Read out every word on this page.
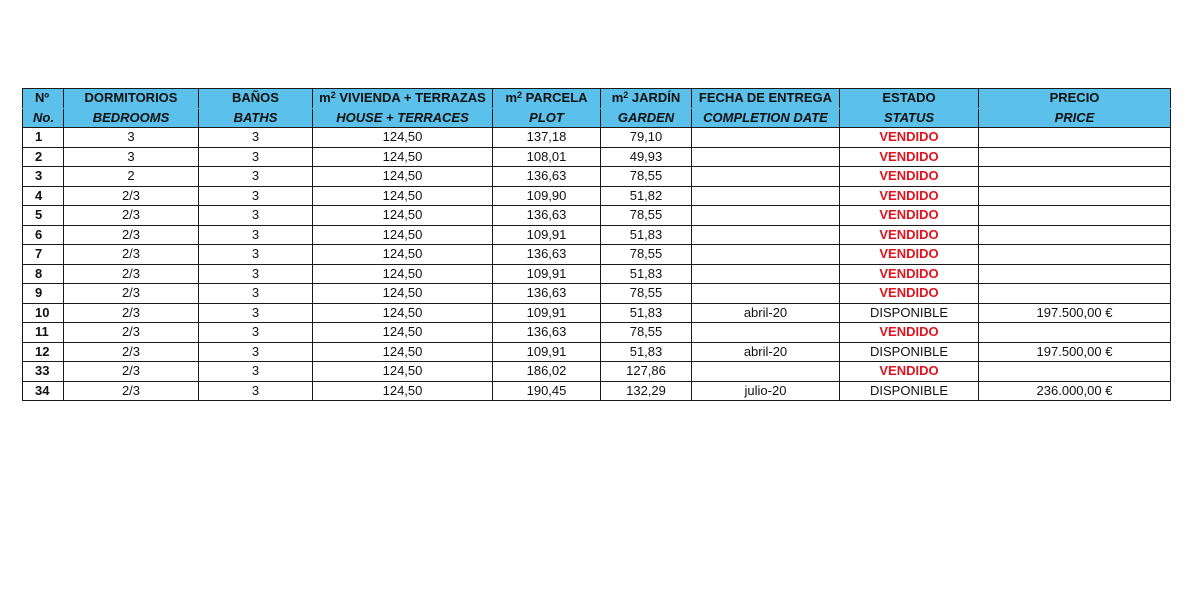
Nº	DORMITORIOS	BAÑOS	$m^2$ VIVIENDA + TERRAZAS	$m^2$ PARCELA	$m^2$ JARDÍN	FECHA DE ENTREGA	ESTADO	PRECIO
No.	BEDROOMS	BATHS	HOUSE + TERRACES	PLOT	GARDEN	COMPLETION DATE	STATUS	PRICE
1	3	3	124,50	137,18	79,10		VENDIDO	
2	3	3	124,50	108,01	49,93		VENDIDO	
3	2	3	124,50	136,63	78,55		VENDIDO	
4	2/3	3	124,50	109,90	51,82		VENDIDO	
5	2/3	3	124,50	136,63	78,55		VENDIDO	
6	2/3	3	124,50	109,91	51,83		VENDIDO	
7	2/3	3	124,50	136,63	78,55		VENDIDO	
8	2/3	3	124,50	109,91	51,83		VENDIDO	
9	2/3	3	124,50	136,63	78,55		VENDIDO	
10	2/3	3	124,50	109,91	51,83	abril-20	DISPONIBLE	197.500,00 €
11	2/3	3	124,50	136,63	78,55		VENDIDO	
12	2/3	3	124,50	109,91	51,83	abril-20	DISPONIBLE	197.500,00 €
33	2/3	3	124,50	186,02	127,86		VENDIDO	
34	2/3	3	124,50	190,45	132,29	julio-20	DISPONIBLE	236.000,00 €
